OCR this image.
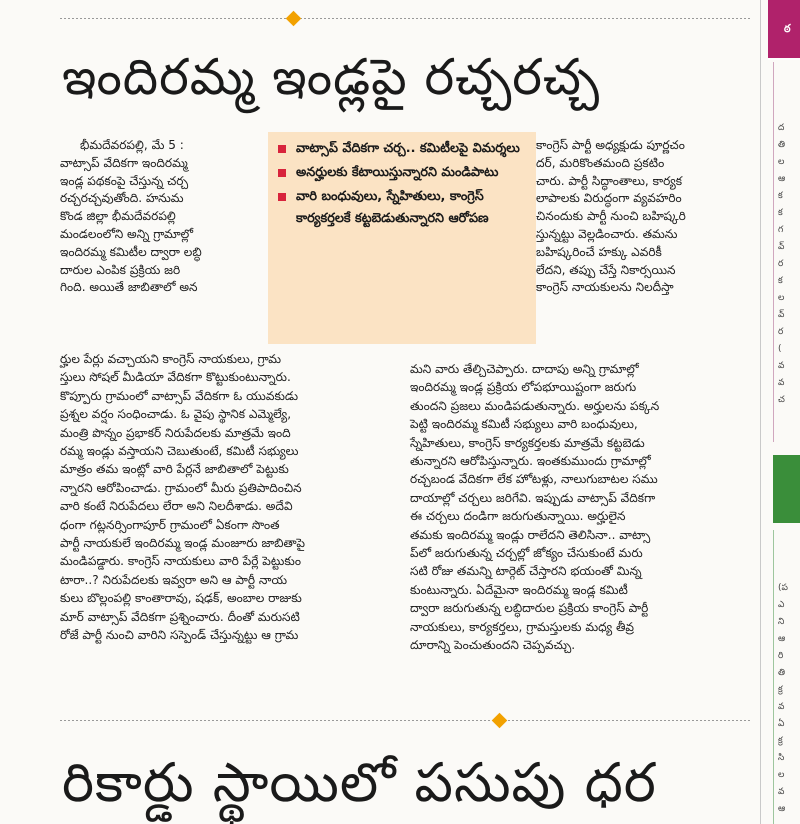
ఇందిరమ్మ ఇండ్లపై రచ్చరచ్చ

భీమదేవరపల్లి, మే 5 :

వాట్సాప్ వేదికగా ఇందిరమ్మ

ఇండ్ల పథకంపై చేస్తున్న చర్చ

రచ్చరచ్చవుతోంది. హనుమ

కొండ జిల్లా భీమదేవరపల్లి

మండలంలోని అన్ని గ్రామాల్లో

ఇందిరమ్మ కమిటీల ద్వారా లబ్ధి

దారుల ఎంపిక ప్రక్రియ జరి

గింది. అయితే జాబితాలో అన

వాట్సాప్ వేదికగా చర్చ.. కమిటీలపై విమర్శలు
అనర్హులకు కేటాయిస్తున్నారని మండిపాటు
వారి బంధువులు, స్నేహితులు, కాంగ్రెస్ కార్యకర్తలకే కట్టబెడుతున్నారని ఆరోపణ

కాంగ్రెస్ పార్టీ అధ్యక్షుడు పూర్ణచం

దర్, మరికొంతమంది ప్రకటిం

చారు. పార్టీ సిద్ధాంతాలు, కార్యక

లాపాలకు విరుద్ధంగా వ్యవహరిం

చినందుకు పార్టీ నుంచి బహిష్కరి

స్తున్నట్టు వెల్లడించారు. తమను

బహిష్కరించే హక్కు ఎవరికీ

లేదని, తప్పు చేస్తే నికార్సయిన

కాంగ్రెస్ నాయకులను నిలదీస్తా

ర్హుల పేర్లు వచ్చాయని కాంగ్రెస్ నాయకులు, గ్రామ

స్తులు సోషల్ మీడియా వేదికగా కొట్టుకుంటున్నారు.

కొప్పూరు గ్రామంలో వాట్సాప్ వేదికగా ఓ యువకుడు

ప్రశ్నల వర్షం సంధించాడు. ఓ వైపు స్థానిక ఎమ్మెల్యే,

మంత్రి పొన్నం ప్రభాకర్ నిరుపేదలకు మాత్రమే ఇంది

రమ్మ ఇండ్లు వస్తాయని చెబుతుంటే, కమిటీ సభ్యులు

మాత్రం తమ ఇంట్లో వారి పేర్లనే జాబితాలో పెట్టుకు

న్నారని ఆరోపించాడు. గ్రామంలో మీరు ప్రతిపాదించిన

వారి కంటే నిరుపేదలు లేరా అని నిలదీశాడు. అదేవి

ధంగా గట్లనర్సింగాపూర్ గ్రామంలో ఏకంగా సొంత

పార్టీ నాయకులే ఇందిరమ్మ ఇండ్ల మంజూరు జాబితాపై

మండిపడ్డారు. కాంగ్రెస్ నాయకులు వారి పేర్లే పెట్టుకుం

టారా..? నిరుపేదలకు ఇవ్వరా అని ఆ పార్టీ నాయ

కులు బొల్లంపల్లి కాంతారావు, షఢక్, అంబాల రాజుకు

మార్ వాట్సాప్ వేదికగా ప్రశ్నించారు. దీంతో మరుసటి

రోజే పార్టీ నుంచి వారిని సస్పెండ్ చేస్తున్నట్టు ఆ గ్రామ

మని వారు తేల్చిచెప్పారు. దాదాపు అన్ని గ్రామాల్లో

ఇందిరమ్మ ఇండ్ల ప్రక్రియ లోపభూయిష్టంగా జరుగు

తుందని ప్రజలు మండిపడుతున్నారు. అర్హులను పక్కన

పెట్టి ఇందిరమ్మ కమిటీ సభ్యులు వారి బంధువులు,

స్నేహితులు, కాంగ్రెస్ కార్యకర్తలకు మాత్రమే కట్టబెడు

తున్నారని ఆరోపిస్తున్నారు. ఇంతకుముందు గ్రామాల్లో

రచ్చబండ వేదికగా లేక హోటళ్లు, నాలుగుబాటల సము

దాయాల్లో చర్చలు జరిగేవి. ఇప్పుడు వాట్సాప్ వేదికగా

ఈ చర్చలు దండిగా జరుగుతున్నాయి. అర్హులైన

తమకు ఇందిరమ్మ ఇండ్లు రాలేదని తెలిసినా.. వాట్సా

ప్‌లో జరుగుతున్న చర్చల్లో జోక్యం చేసుకుంటే మరు

సటి రోజు తమన్ని టార్గెట్ చేస్తారని భయంతో మిన్న

కుంటున్నారు. ఏదేమైనా ఇందిరమ్మ ఇండ్ల కమిటీ

ద్వారా జరుగుతున్న లబ్ధిదారుల ప్రక్రియ కాంగ్రెస్ పార్టీ

నాయకులు, కార్యకర్తలు, గ్రామస్తులకు మధ్య తీవ్ర

దూరాన్ని పెంచుతుందని చెప్పవచ్చు.

రికార్డు స్థాయిలో పసుపు ధర
ఠ
ద
తి
ల
ఆ
క
క
గ
వ్
ర
క
ల
వ్
ర
(
వ
వ
చ
(ప
ఎ
ని
ఆ
రి
తి
క్ర
వ
ఏ
క్ర
సి
ల
వ
ఆ
